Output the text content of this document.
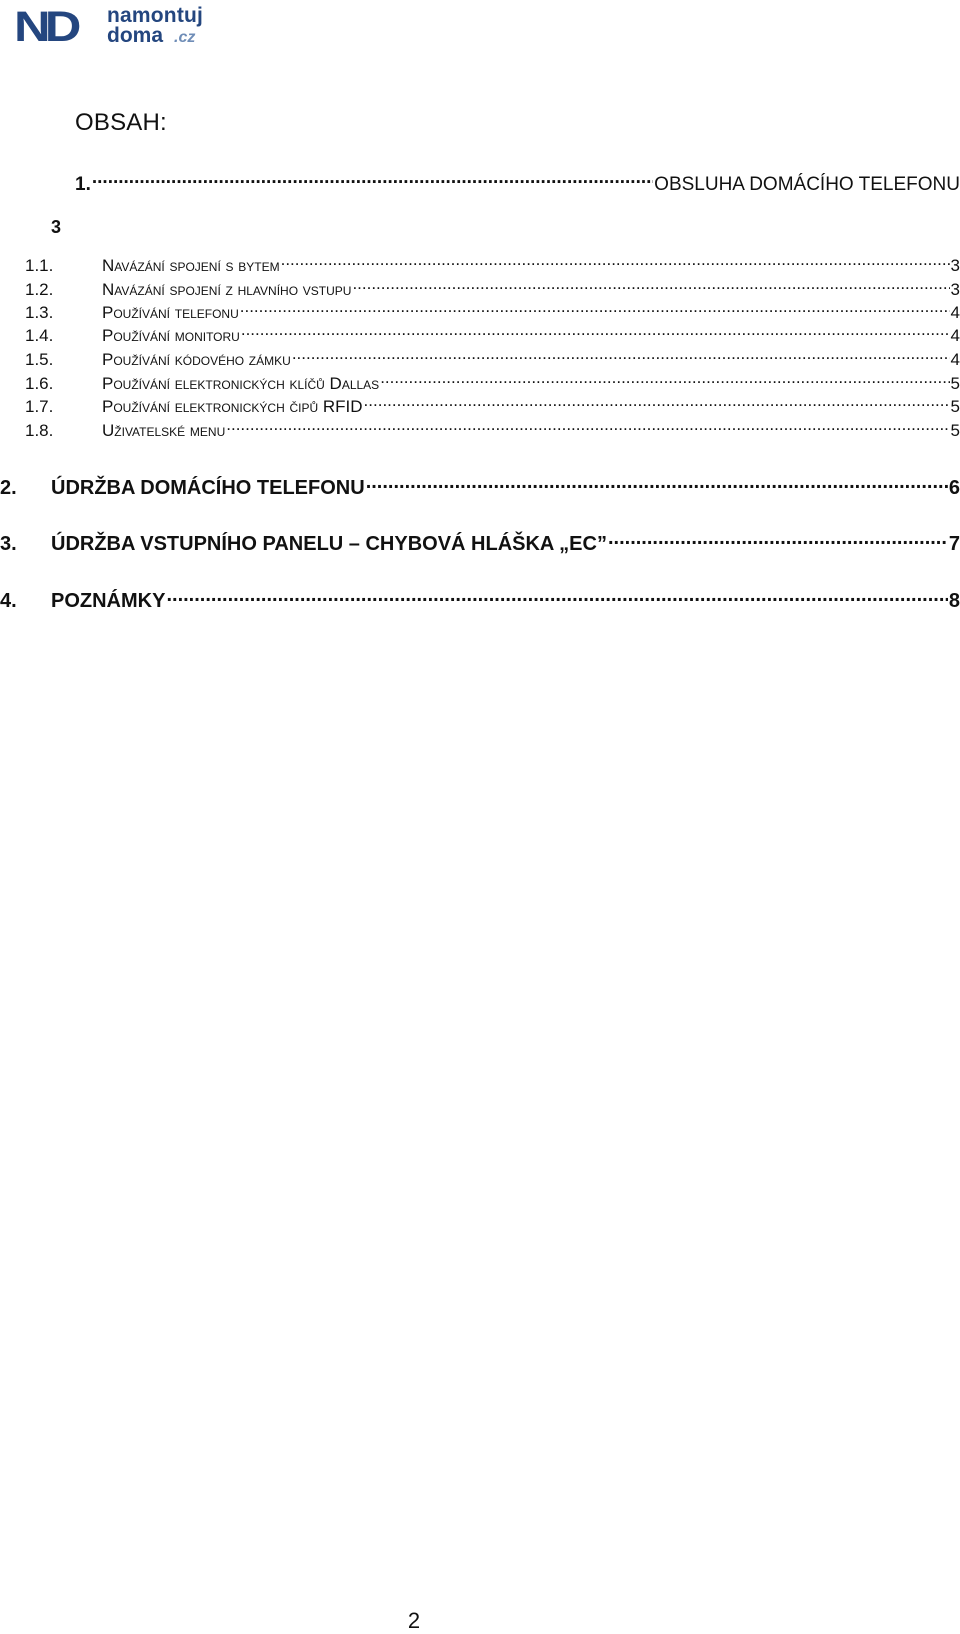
ND namontuj
doma .cz
OBSAH:
1. .....	OBSLUHA DOMÁCÍHO TELEFONU
3
1.1.	Navázání spojení s bytem .....	3
1.2.	Navázání spojení z hlavního vstupu .....	3
1.3.	Používání telefonu .....	4
1.4.	Používání monitoru .....	4
1.5.	Používání kódového zámku .....	4
1.6.	Používání elektronických klíčů Dallas .....	5
1.7.	Používání elektronických čipů RFID .....	5
1.8.	Uživatelské menu .....	5
2.	ÚDRŽBA DOMÁCÍHO TELEFONU .....	6
3.	ÚDRŽBA VSTUPNÍHO PANELU – CHYBOVÁ HLÁŠKA „EC” .....	7
4.	POZNÁMKY .....	8
2
